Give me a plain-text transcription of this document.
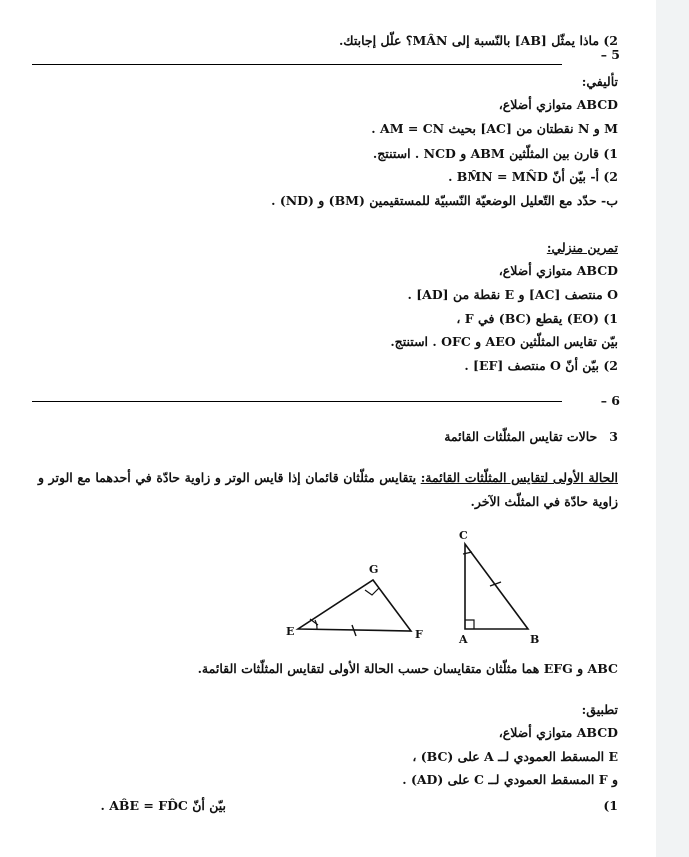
2) ماذا يمثّل [AB] بالنّسبة إلى MÂN؟ علّل إجابتك.
5 –
تأليفي:
ABCD متوازي أضلاع،
M و N نقطتان من [AC] بحيث AM = CN .
1) قارن بين المثلّثين ABM و NCD . استنتج.
2) أ- بيّن أنّ BM̂N = MN̂D .
ب- حدّد مع التّعليل الوضعيّة النّسبيّة للمستقيمين (BM) و (ND) .
تمرين منزلي:
ABCD متوازي أضلاع،
O منتصف [AC] و E نقطة من [AD] .
1) (EO) يقطع (BC) في F ،
بيّن تقايس المثلّثين AEO و OFC . استنتج.
2) بيّن أنّ O منتصف [EF] .
6 –
3حالات تقايس المثلّثات القائمة
الحالة الأولى لتقايس المثلّثات القائمة: يتقايس مثلّثان قائمان إذا قايس الوتر و زاوية حادّة في أحدهما مع الوتر و زاوية حادّة في المثلّث الآخر.
G
E	F
C
A	B
ABC و EFG هما مثلّثان متقايسان حسب الحالة الأولى لتقايس المثلّثات القائمة.
تطبيق:
ABCD متوازي أضلاع،
E المسقط العمودي لــ A على (BC) ،
و F المسقط العمودي لــ C على (AD) .
1)
بيّن أنّ AB̂E = FD̂C .
